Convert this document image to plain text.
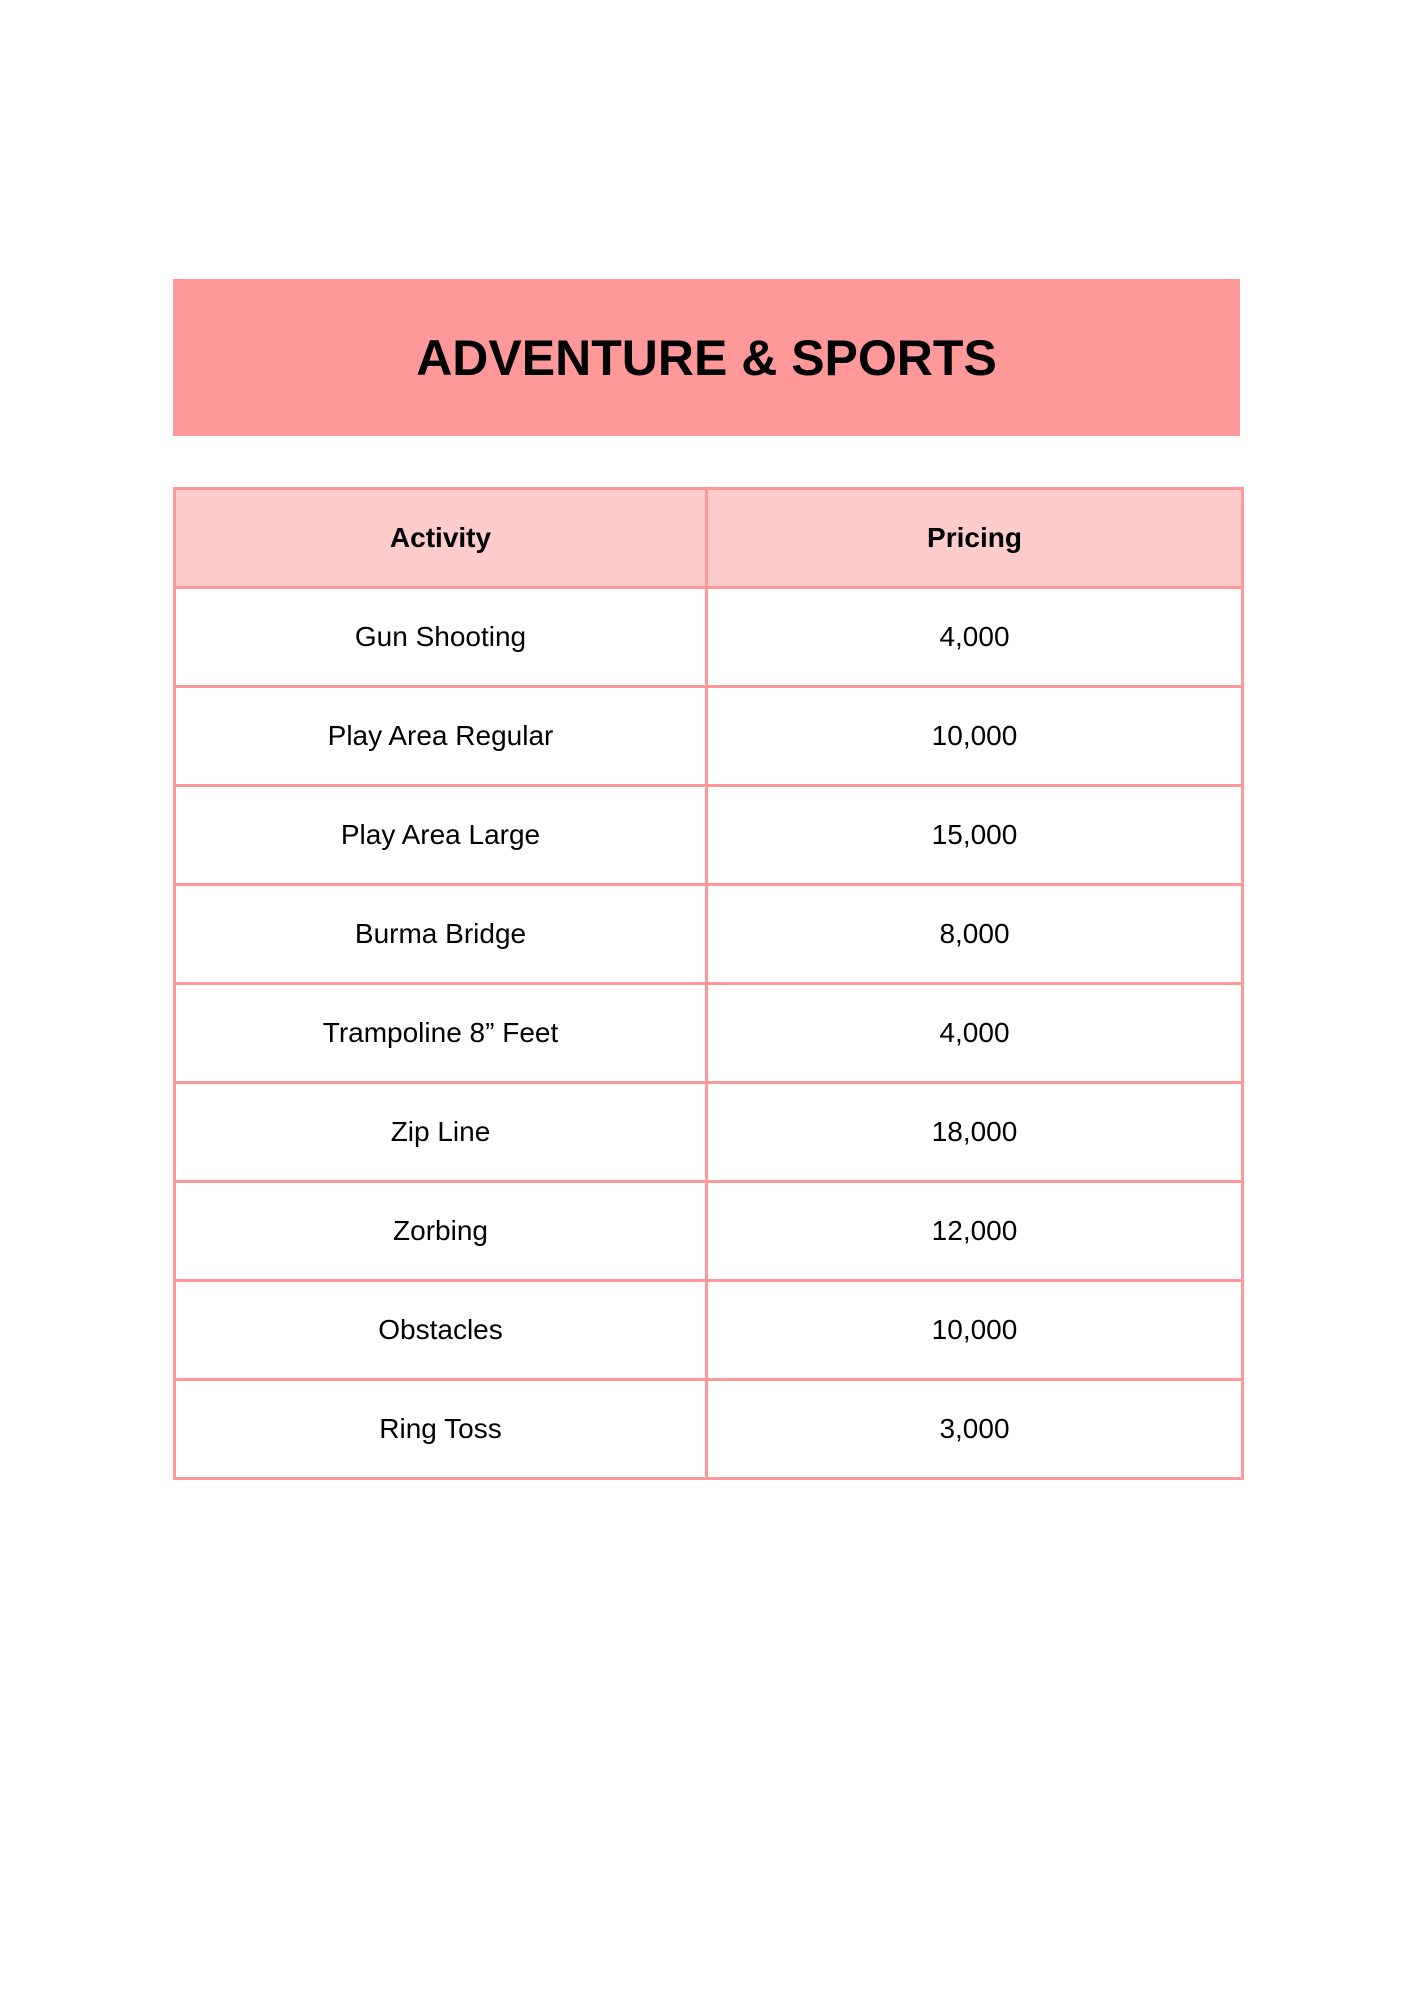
ADVENTURE & SPORTS
Activity	Pricing
Gun Shooting	4,000
Play Area Regular	10,000
Play Area Large	15,000
Burma Bridge	8,000
Trampoline 8” Feet	4,000
Zip Line	18,000
Zorbing	12,000
Obstacles	10,000
Ring Toss	3,000
